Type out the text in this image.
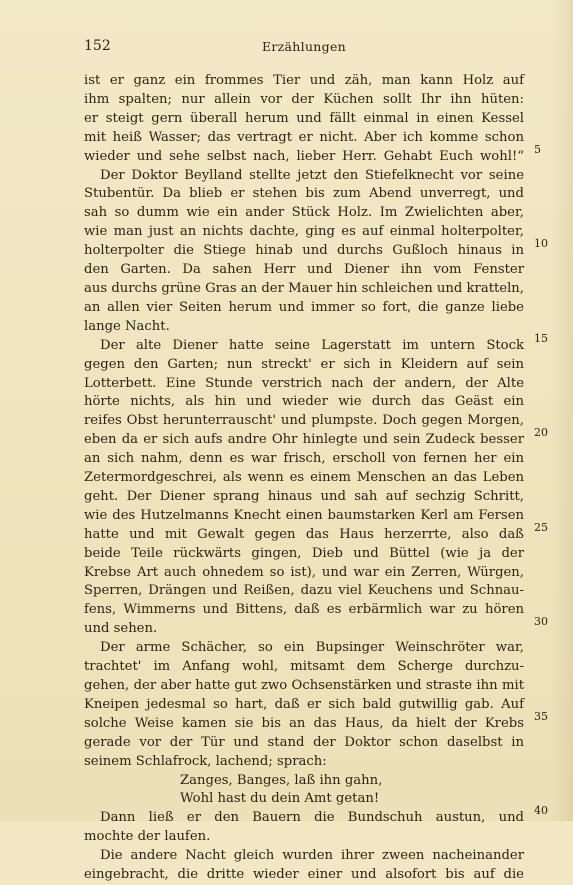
152	Erzählungen
ist er ganz ein frommes Tier und zäh, man kann Holz auf
ihm spalten; nur allein vor der Küchen sollt Ihr ihn hüten:
er steigt gern überall herum und fällt einmal in einen Kessel
mit heiß Wasser; das vertragt er nicht. Aber ich komme schon
wieder und sehe selbst nach, lieber Herr. Gehabt Euch wohl!“
Der Doktor Beylland stellte jetzt den Stiefelknecht vor seine
Stubentür. Da blieb er stehen bis zum Abend unverregt, und
sah so dumm wie ein ander Stück Holz. Im Zwielichten aber,
wie man just an nichts dachte, ging es auf einmal holterpolter,
holterpolter die Stiege hinab und durchs Gußloch hinaus in
den Garten. Da sahen Herr und Diener ihn vom Fenster
aus durchs grüne Gras an der Mauer hin schleichen und kratteln,
an allen vier Seiten herum und immer so fort, die ganze liebe
lange Nacht.
Der alte Diener hatte seine Lagerstatt im untern Stock
gegen den Garten; nun streckt' er sich in Kleidern auf sein
Lotterbett. Eine Stunde verstrich nach der andern, der Alte
hörte nichts, als hin und wieder wie durch das Geäst ein
reifes Obst herunterrauscht' und plumpste. Doch gegen Morgen,
eben da er sich aufs andre Ohr hinlegte und sein Zudeck besser
an sich nahm, denn es war frisch, erscholl von fernen her ein
Zetermordgeschrei, als wenn es einem Menschen an das Leben
geht. Der Diener sprang hinaus und sah auf sechzig Schritt,
wie des Hutzelmanns Knecht einen baumstarken Kerl am Fersen
hatte und mit Gewalt gegen das Haus herzerrte, also daß
beide Teile rückwärts gingen, Dieb und Büttel (wie ja der
Krebse Art auch ohnedem so ist), und war ein Zerren, Würgen,
Sperren, Drängen und Reißen, dazu viel Keuchens und Schnau-
fens, Wimmerns und Bittens, daß es erbärmlich war zu hören
und sehen.
Der arme Schächer, so ein Bupsinger Weinschröter war,
trachtet' im Anfang wohl, mitsamt dem Scherge durchzu-
gehen, der aber hatte gut zwo Ochsenstärken und straste ihn mit
Kneipen jedesmal so hart, daß er sich bald gutwillig gab. Auf
solche Weise kamen sie bis an das Haus, da hielt der Krebs
gerade vor der Tür und stand der Doktor schon daselbst in
seinem Schlafrock, lachend; sprach:
Zanges, Banges, laß ihn gahn,
Wohl hast du dein Amt getan!
Dann ließ er den Bauern die Bundschuh austun, und
mochte der laufen.
Die andere Nacht gleich wurden ihrer zween nacheinander
eingebracht, die dritte wieder einer und alsofort bis auf die
5
10
15
20
25
30
35
40
